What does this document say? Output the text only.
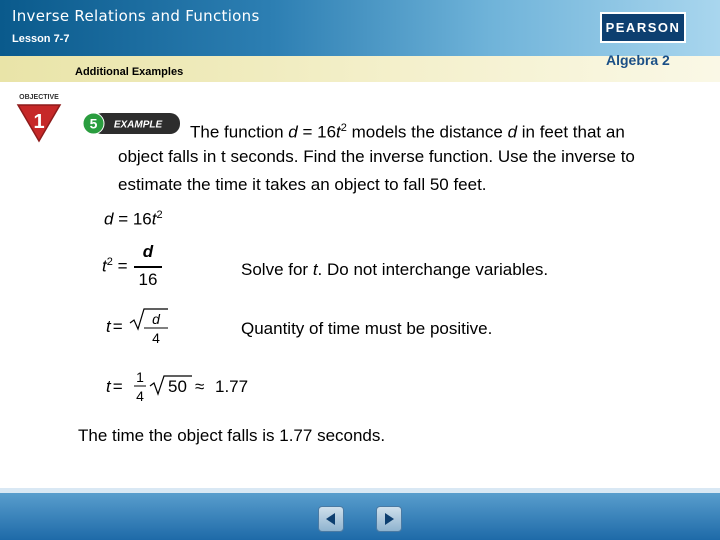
Inverse Relations and Functions
Lesson 7-7
PEARSON
Additional Examples
Algebra 2
OBJECTIVE
1	5 EXAMPLE The function $d = 16t^2$ models the distance d in feet that an
object falls in t seconds. Find the inverse function. Use the inverse to
estimate the time it takes an object to fall 50 feet.
$d = 16t^2$
$t^2$ =
d
16
Solve for t. Do not interchange variables.
t = d
4	Quantity of time must be positive.
t = 1
4 50 ≈ 1.77
The time the object falls is 1.77 seconds.
